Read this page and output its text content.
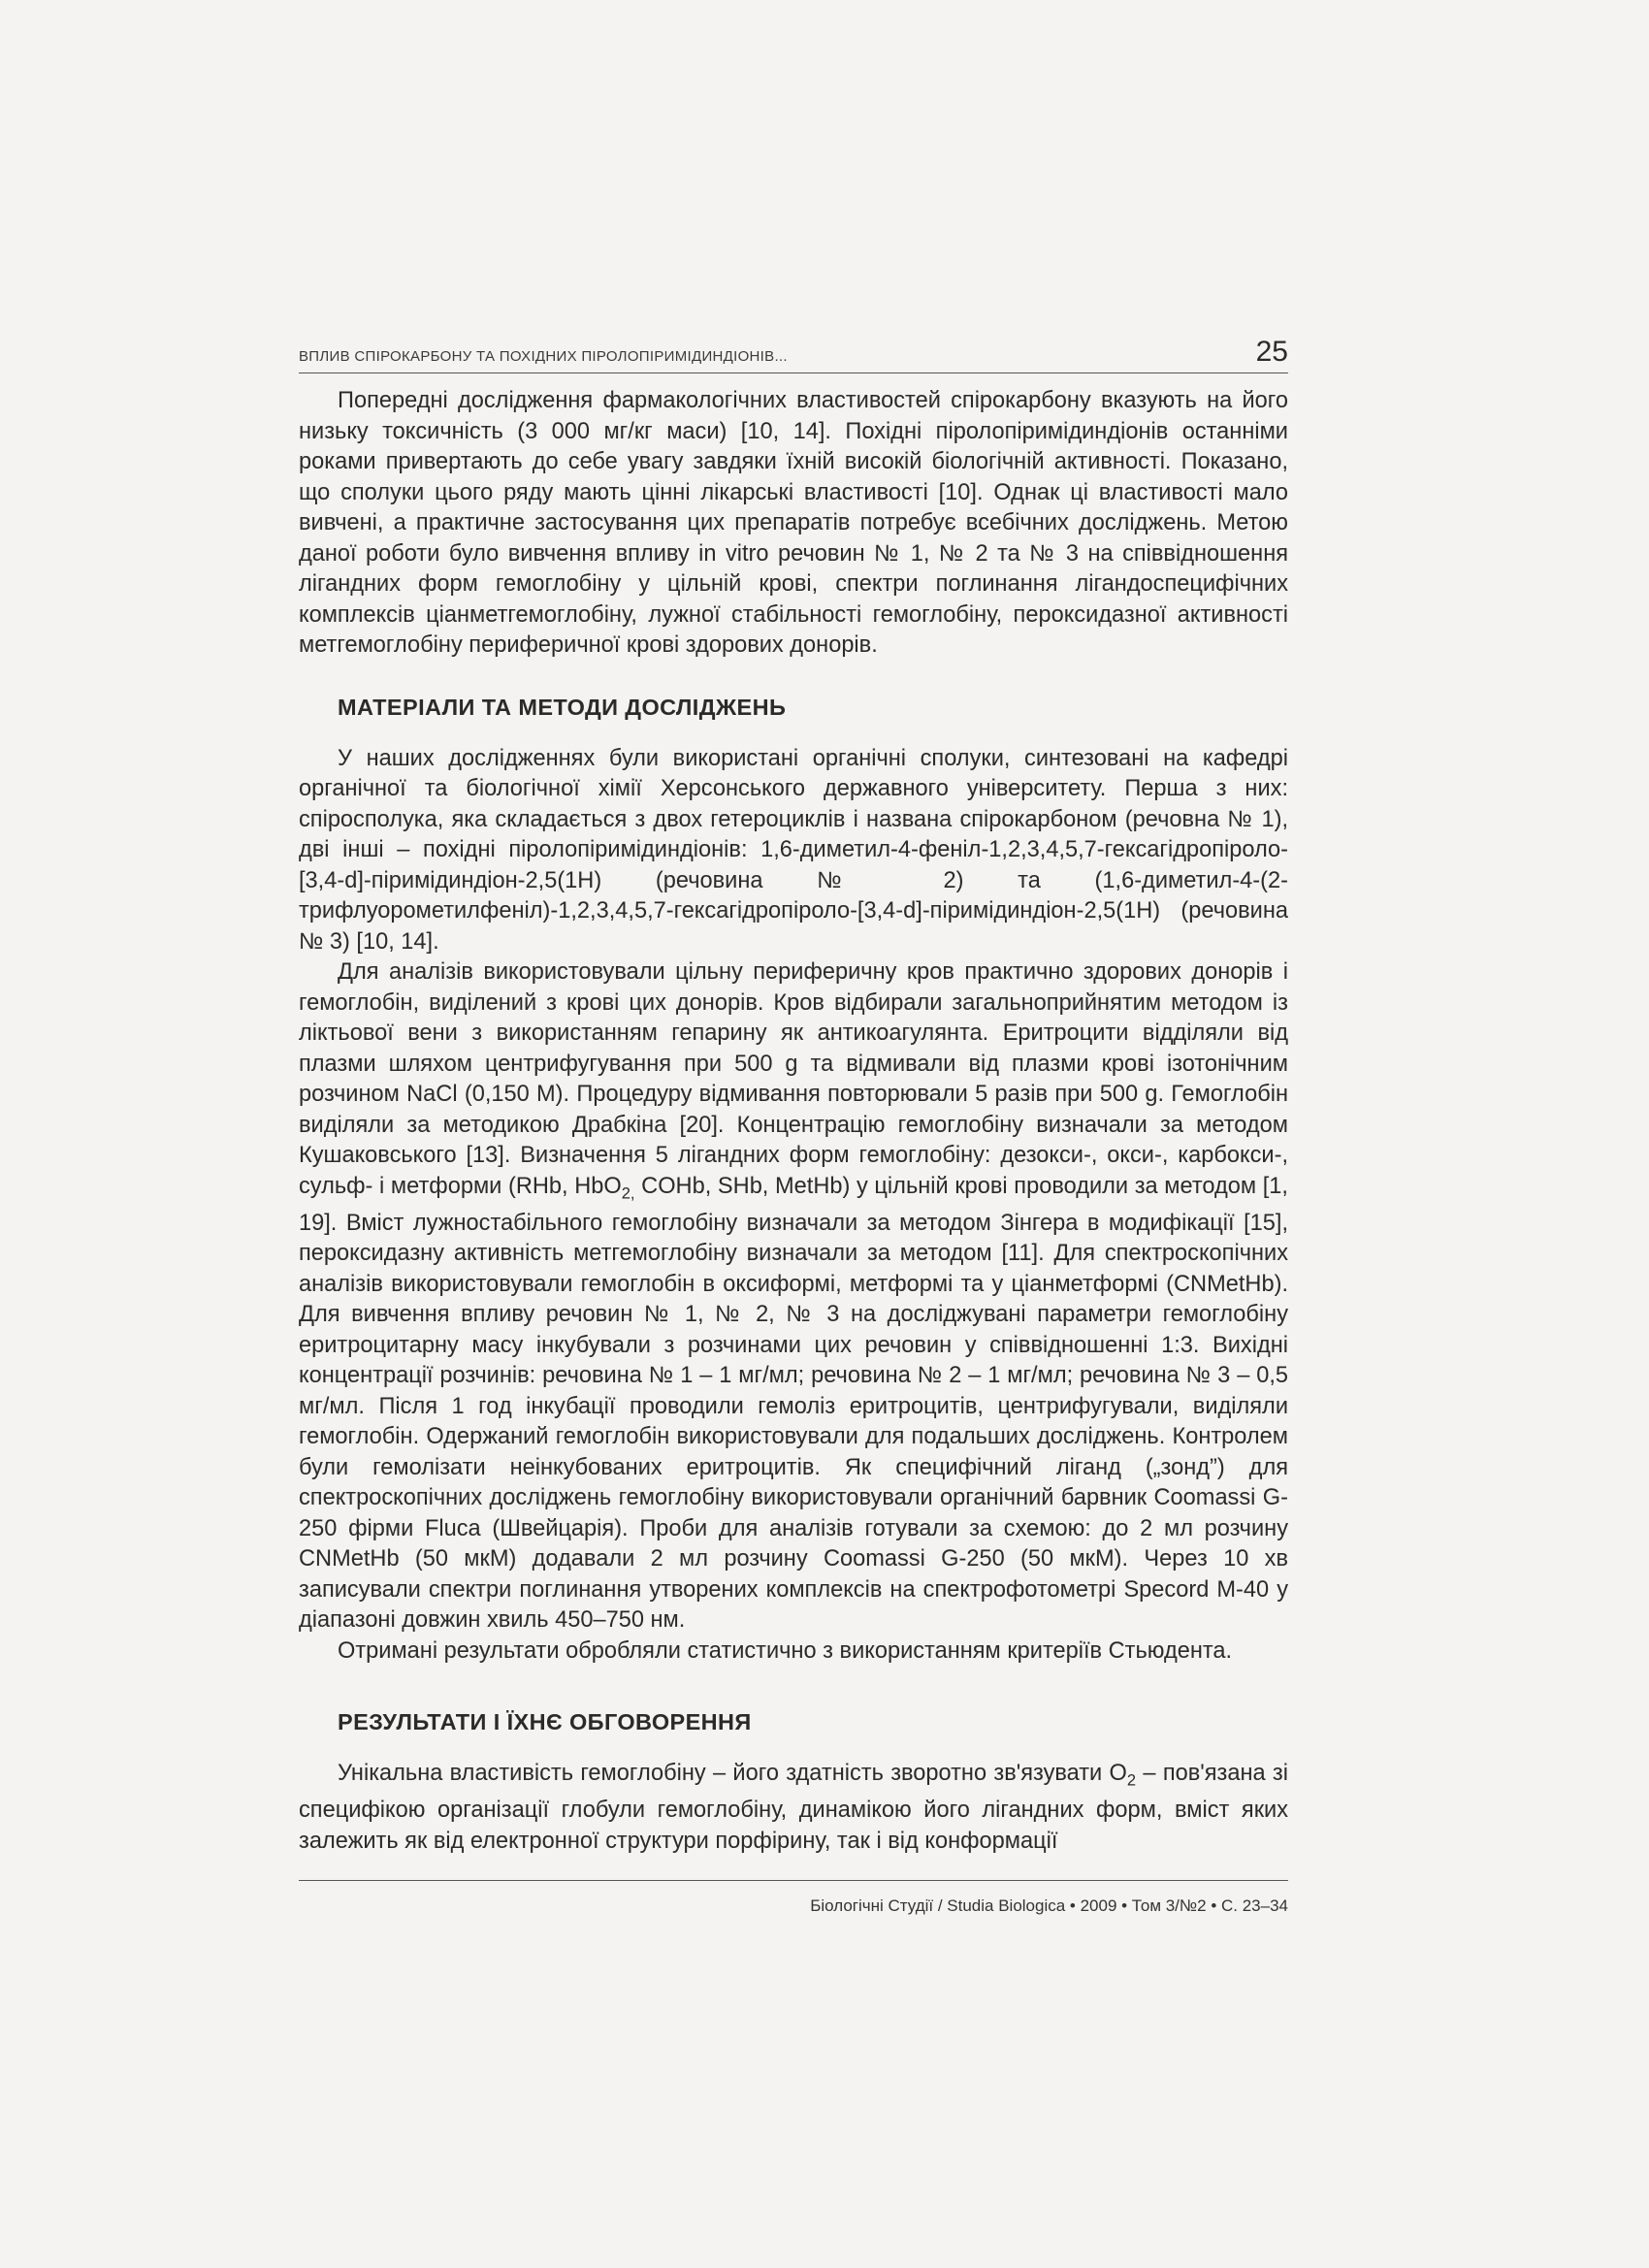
ВПЛИВ СПІРОКАРБОНУ ТА ПОХІДНИХ ПІРОЛОПІРИМІДИНДІОНІВ...	25

Попередні дослідження фармакологічних властивостей спірокарбону вказують на його низьку токсичність (3 000 мг/кг маси) [10, 14]. Похідні піролопіримідиндіонів останніми роками привертають до себе увагу завдяки їхній високій біологічній активності. Показано, що сполуки цього ряду мають цінні лікарські властивості [10]. Однак ці властивості мало вивчені, а практичне застосування цих препаратів потребує всебічних досліджень. Метою даної роботи було вивчення впливу in vitro речовин № 1, № 2 та № 3 на співвідношення лігандних форм гемоглобіну у цільній крові, спектри поглинання лігандоспецифічних комплексів ціанметгемоглобіну, лужної стабільності гемоглобіну, пероксидазної активності метгемоглобіну периферичної крові здорових донорів.

МАТЕРІАЛИ ТА МЕТОДИ ДОСЛІДЖЕНЬ

У наших дослідженнях були використані органічні сполуки, синтезовані на кафедрі органічної та біологічної хімії Херсонського державного університету. Перша з них: спіросполука, яка складається з двох гетероциклів і названа спірокарбоном (речовна № 1), дві інші – похідні піролопіримідиндіонів: 1,6-диметил-4-феніл-1,2,3,4,5,7-гексагідропіроло-[3,4-d]-піримідиндіон-2,5(1Н) (речовина № 2) та (1,6-диметил-4-(2-трифлуорометилфеніл)-1,2,3,4,5,7-гексагідропіроло-[3,4-d]-піримідиндіон-2,5(1Н) (речовина № 3) [10, 14].

Для аналізів використовували цільну периферичну кров практично здорових донорів і гемоглобін, виділений з крові цих донорів. Кров відбирали загальноприйнятим методом із ліктьової вени з використанням гепарину як антикоагулянта. Еритроцити відділяли від плазми шляхом центрифугування при 500 g та відмивали від плазми крові ізотонічним розчином NaCl (0,150 М). Процедуру відмивання повторювали 5 разів при 500 g. Гемоглобін виділяли за методикою Драбкіна [20]. Концентрацію гемоглобіну визначали за методом Кушаковського [13]. Визначення 5 лігандних форм гемоглобіну: дезокси-, окси-, карбокси-, сульф- і метформи (RHb, HbO$_{2,}$ COHb, SHb, MetHb) у цільній крові проводили за методом [1, 19]. Вміст лужностабільного гемоглобіну визначали за методом Зінгера в модифікації [15], пероксидазну активність метгемоглобіну визначали за методом [11]. Для спектроскопічних аналізів використовували гемоглобін в оксиформі, метформі та у ціанметформі (CNMetHb). Для вивчення впливу речовин № 1, № 2, № 3 на досліджувані параметри гемоглобіну еритроцитарну масу інкубували з розчинами цих речовин у співвідношенні 1:3. Вихідні концентрації розчинів: речовина № 1 – 1 мг/мл; речовина № 2 – 1 мг/мл; речовина № 3 – 0,5 мг/мл. Після 1 год інкубації проводили гемоліз еритроцитів, центрифугували, виділяли гемоглобін. Одержаний гемоглобін використовували для подальших досліджень. Контролем були гемолізати неінкубованих еритроцитів. Як специфічний ліганд („зонд”) для спектроскопічних досліджень гемоглобіну використовували органічний барвник Coomassi G-250 фірми Fluca (Швейцарія). Проби для аналізів готували за схемою: до 2 мл розчину CNMetHb (50 мкМ) додавали 2 мл розчину Coomassi G-250 (50 мкМ). Через 10 хв записували спектри поглинання утворених комплексів на спектрофотометрі Specord M-40 у діапазоні довжин хвиль 450–750 нм.

Отримані результати обробляли статистично з використанням критеріїв Стьюдента.

РЕЗУЛЬТАТИ І ЇХНЄ ОБГОВОРЕННЯ

Унікальна властивість гемоглобіну – його здатність зворотно зв'язувати $O_2$ – пов'язана зі специфікою організації глобули гемоглобіну, динамікою його лігандних форм, вміст яких залежить як від електронної структури порфірину, так і від конформації

Біологічні Студії / Studia Biologica • 2009 • Том 3/№2 • С. 23–34
